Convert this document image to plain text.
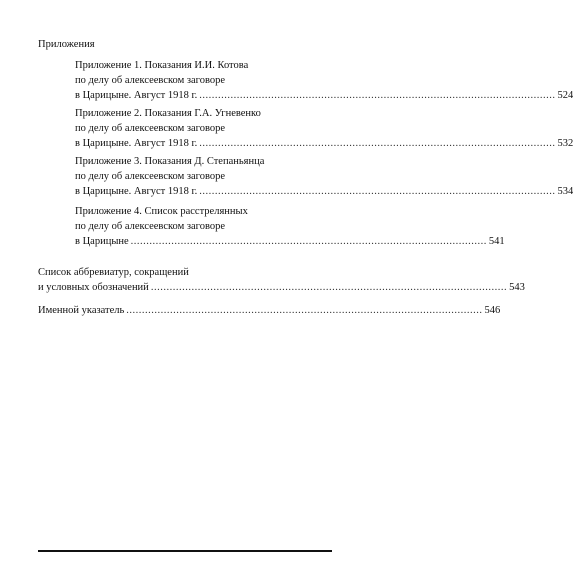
Приложения
Приложение 1. Показания И.И. Котова
по делу об алексеевском заговоре
в Царицыне. Август 1918 г. .................................................................................................................. 524
Приложение 2. Показания Г.А. Угневенко
по делу об алексеевском заговоре
в Царицыне. Август 1918 г. .................................................................................................................. 532
Приложение 3. Показания Д. Степаньянца
по делу об алексеевском заговоре
в Царицыне. Август 1918 г. .................................................................................................................. 534
Приложение 4. Список расстрелянных
по делу об алексеевском заговоре
в Царицыне .................................................................................................................. 541
Список аббревиатур, сокращений
и условных обозначений .................................................................................................................. 543
Именной указатель .................................................................................................................. 546
